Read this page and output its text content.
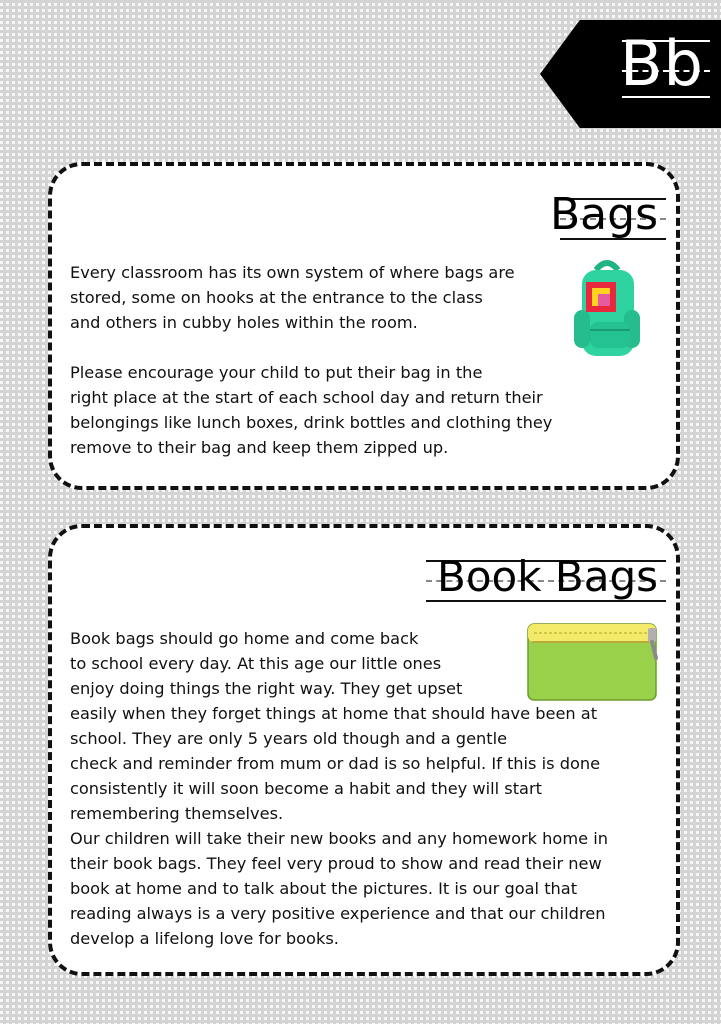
Bb
Bags

Every classroom has its own system of where bags are
stored, some on hooks at the entrance to the class
and others in cubby holes within the room.

Please encourage your child to put their bag in the
right place at the start of each school day and return their
belongings like lunch boxes, drink bottles and clothing they
remove to their bag and keep them zipped up.

Book Bags

Book bags should go home and come back
to school every day. At this age our little ones
enjoy doing things the right way. They get upset
easily when they forget things at home that should have been at
school. They are only 5 years old though and a gentle
check and reminder from mum or dad is so helpful. If this is done
consistently it will soon become a habit and they will start
remembering themselves.

Our children will take their new books and any homework home in
their book bags. They feel very proud to show and read their new
book at home and to talk about the pictures. It is our goal that
reading always is a very positive experience and that our children
develop a lifelong love for books.
